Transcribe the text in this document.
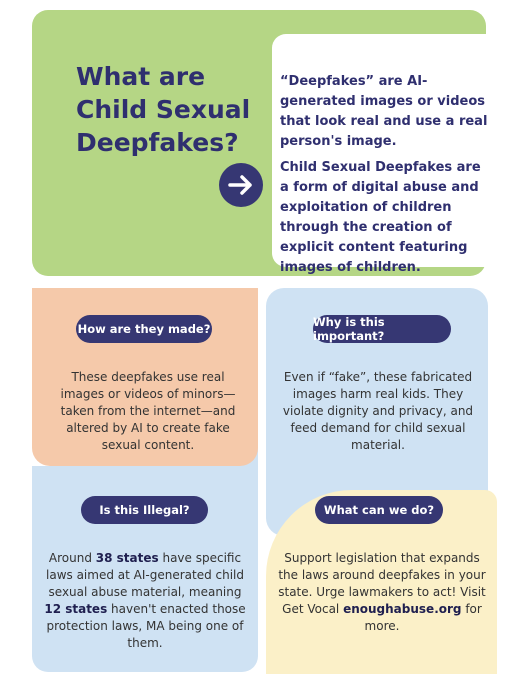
What are Child Sexual Deepfakes?

“Deepfakes” are AI-generated images or videos that look real and use a real person's image.

Child Sexual Deepfakes are a form of digital abuse and exploitation of children through the creation of explicit content featuring images of children.

How are they made?

These deepfakes use real images or videos of minors—taken from the internet—and altered by AI to create fake sexual content.

Why is this important?

Even if “fake”, these fabricated images harm real kids. They violate dignity and privacy, and feed demand for child sexual material.

Is this Illegal?

Around 38 states have specific laws aimed at AI-generated child sexual abuse material, meaning 12 states haven't enacted those protection laws, MA being one of them.

What can we do?

Support legislation that expands the laws around deepfakes in your state. Urge lawmakers to act! Visit Get Vocal enoughabuse.org for more.
